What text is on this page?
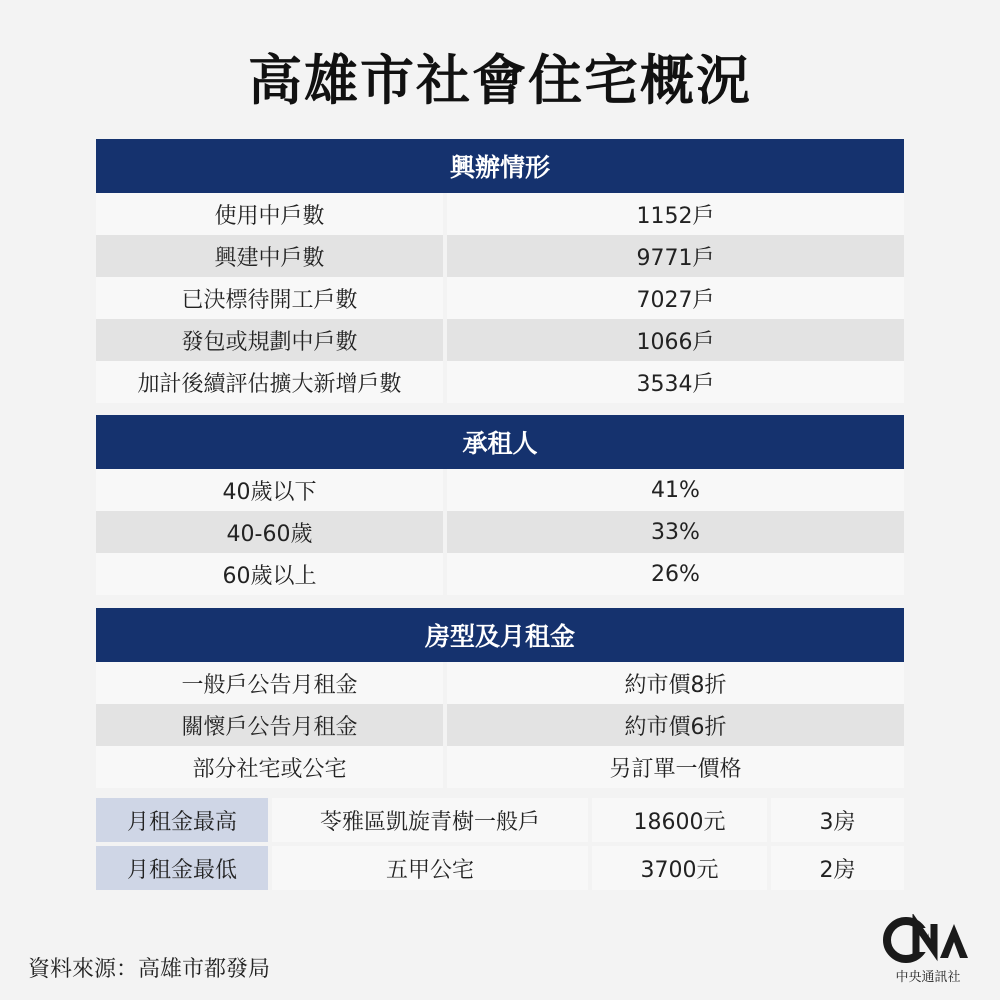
高雄市社會住宅概況
興辦情形
使用中戶數	1152戶
興建中戶數	9771戶
已決標待開工戶數	7027戶
發包或規劃中戶數	1066戶
加計後續評估擴大新增戶數	3534戶
承租人
40歲以下	41%
40-60歲	33%
60歲以上	26%
房型及月租金
一般戶公告月租金	約市價8折
關懷戶公告月租金	約市價6折
部分社宅或公宅	另訂單一價格
月租金最高	苓雅區凱旋青樹一般戶	18600元	3房
月租金最低	五甲公宅	3700元	2房
資料來源：高雄市都發局	中央通訊社
